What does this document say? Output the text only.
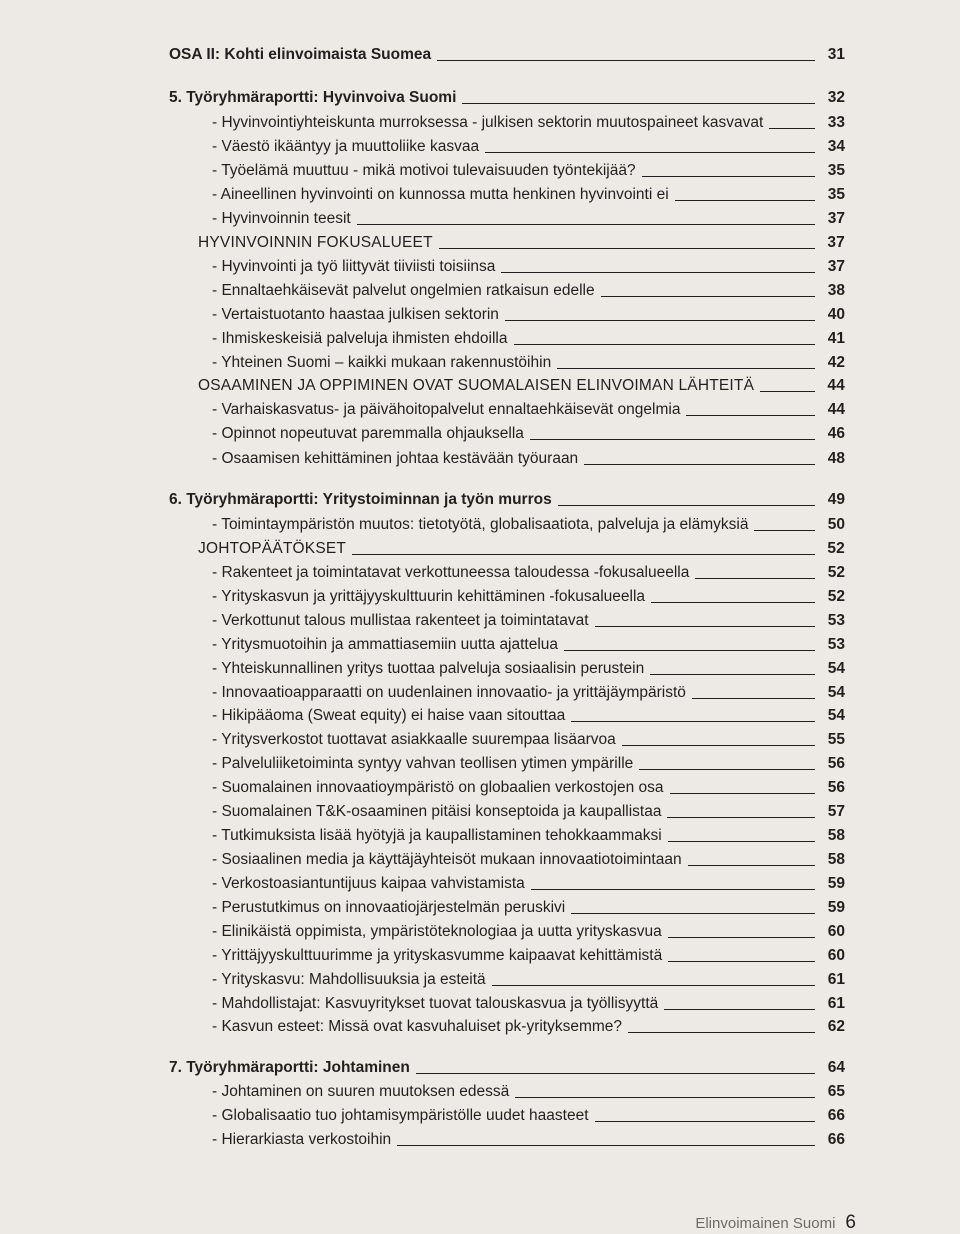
OSA II: Kohti elinvoimaista Suomea	31
5. Työryhmäraportti: Hyvinvoiva Suomi	32
- Hyvinvointiyhteiskunta murroksessa - julkisen sektorin muutospaineet kasvavat	33
- Väestö ikääntyy ja muuttoliike kasvaa	34
- Työelämä muuttuu - mikä motivoi tulevaisuuden työntekijää?	35
- Aineellinen hyvinvointi on kunnossa mutta henkinen hyvinvointi ei	35
- Hyvinvoinnin teesit	37
HYVINVOINNIN FOKUSALUEET	37
- Hyvinvointi ja työ liittyvät tiiviisti toisiinsa	37
- Ennaltaehkäisevät palvelut ongelmien ratkaisun edelle	38
- Vertaistuotanto haastaa julkisen sektorin	40
- Ihmiskeskeisiä palveluja ihmisten ehdoilla	41
- Yhteinen Suomi – kaikki mukaan rakennustöihin	42
OSAAMINEN JA OPPIMINEN OVAT SUOMALAISEN ELINVOIMAN LÄHTEITÄ	44
- Varhaiskasvatus- ja päivähoitopalvelut ennaltaehkäisevät ongelmia	44
- Opinnot nopeutuvat paremmalla ohjauksella	46
- Osaamisen kehittäminen johtaa kestävään työuraan	48
6. Työryhmäraportti: Yritystoiminnan ja työn murros	49
- Toimintaympäristön muutos: tietotyötä, globalisaatiota, palveluja ja elämyksiä	50
JOHTOPÄÄTÖKSET	52
- Rakenteet ja toimintatavat verkottuneessa taloudessa -fokusalueella	52
- Yrityskasvun ja yrittäjyyskulttuurin kehittäminen -fokusalueella	52
- Verkottunut talous mullistaa rakenteet ja toimintatavat	53
- Yritysmuotoihin ja ammattiasemiin uutta ajattelua	53
- Yhteiskunnallinen yritys tuottaa palveluja sosiaalisin perustein	54
- Innovaatioapparaatti on uudenlainen innovaatio- ja yrittäjäympäristö	54
- Hikipääoma (Sweat equity) ei haise vaan sitouttaa	54
- Yritysverkostot tuottavat asiakkaalle suurempaa lisäarvoa	55
- Palveluliiketoiminta syntyy vahvan teollisen ytimen ympärille	56
- Suomalainen innovaatioympäristö on globaalien verkostojen osa	56
- Suomalainen T&K-osaaminen pitäisi konseptoida ja kaupallistaa	57
- Tutkimuksista lisää hyötyjä ja kaupallistaminen tehokkaammaksi	58
- Sosiaalinen media ja käyttäjäyhteisöt mukaan innovaatiotoimintaan	58
- Verkostoasiantuntijuus kaipaa vahvistamista	59
- Perustutkimus on innovaatiojärjestelmän peruskivi	59
- Elinikäistä oppimista, ympäristöteknologiaa ja uutta yrityskasvua	60
- Yrittäjyyskulttuurimme ja yrityskasvumme kaipaavat kehittämistä	60
- Yrityskasvu: Mahdollisuuksia ja esteitä	61
- Mahdollistajat: Kasvuyritykset tuovat talouskasvua ja työllisyyttä	61
- Kasvun esteet: Missä ovat kasvuhaluiset pk-yrityksemme?	62
7. Työryhmäraportti: Johtaminen	64
- Johtaminen on suuren muutoksen edessä	65
- Globalisaatio tuo johtamisympäristölle uudet haasteet	66
- Hierarkiasta verkostoihin	66
Elinvoimainen Suomi 6
